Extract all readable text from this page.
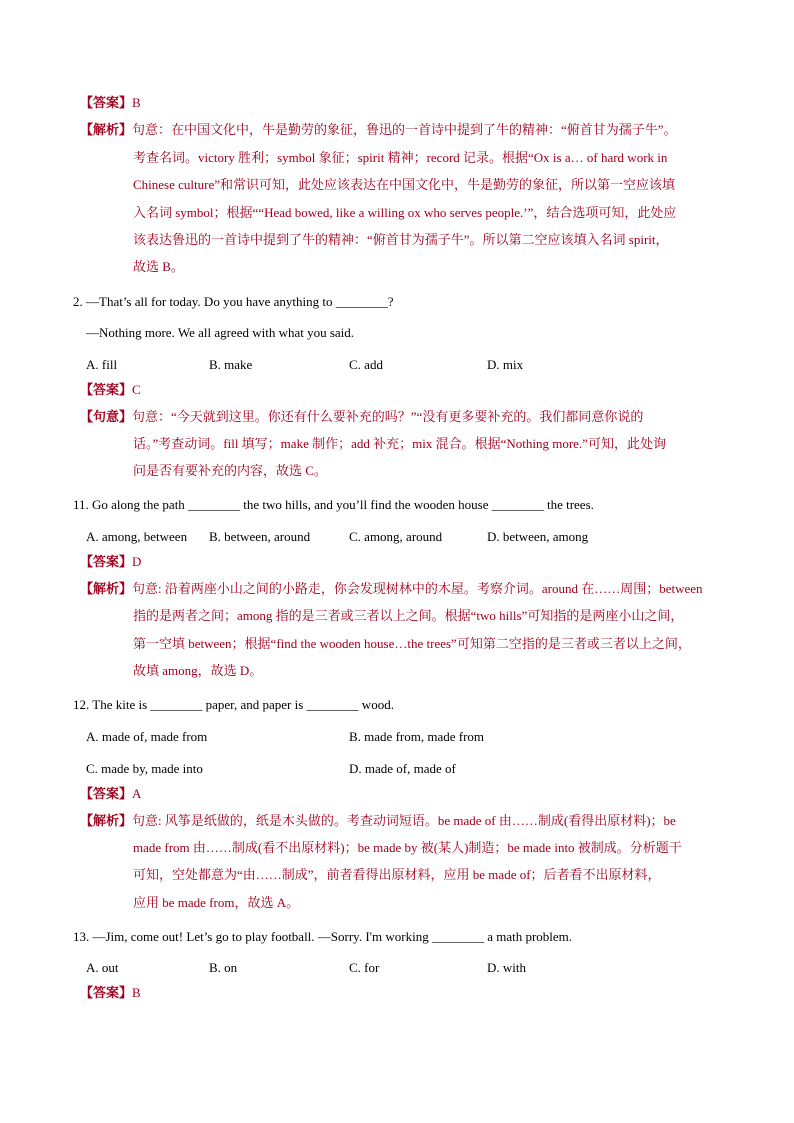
【答案】B
【解析】句意：在中国文化中，牛是勤劳的象征，鲁迅的一首诗中提到了牛的精神：“俯首甘为孺子牛”。
考查名词。victory 胜利；symbol 象征；spirit 精神；record 记录。根据“Ox is a… of hard work in
Chinese culture”和常识可知，此处应该表达在中国文化中，牛是勤劳的象征，所以第一空应该填
入名词 symbol；根据““Head bowed, like a willing ox who serves people.’”，结合选项可知，此处应
该表达鲁迅的一首诗中提到了牛的精神：“俯首甘为孺子牛”。所以第二空应该填入名词 spirit，
故选 B。
2. —That’s all for today. Do you have anything to ________?
—Nothing more. We all agreed with what you said.
A. fill	B. make	C. add	D. mix
【答案】C
【句意】句意：“今天就到这里。你还有什么要补充的吗？”“没有更多要补充的。我们都同意你说的
话。”考查动词。fill 填写；make 制作；add 补充；mix 混合。根据“Nothing more.”可知，此处询
问是否有要补充的内容，故选 C。
11. Go along the path ________ the two hills, and you’ll find the wooden house ________ the trees.
A. among, between B. between, around	C. among, around	D. between, among
【答案】D
【解析】句意: 沿着两座小山之间的小路走，你会发现树林中的木屋。考察介词。around 在……周围；between
指的是两者之间；among 指的是三者或三者以上之间。根据“two hills”可知指的是两座小山之间，
第一空填 between；根据“find the wooden house…the trees”可知第二空指的是三者或三者以上之间，
故填 among，故选 D。
12. The kite is ________ paper, and paper is ________ wood.
A. made of, made from	B. made from, made from
C. made by, made into	D. made of, made of
【答案】A
【解析】句意: 风筝是纸做的，纸是木头做的。考查动词短语。be made of 由……制成(看得出原材料)；be
made from 由……制成(看不出原材料)；be made by 被(某人)制造；be made into 被制成。分析题干
可知，空处都意为“由……制成”，前者看得出原材料，应用 be made of；后者看不出原材料，
应用 be made from，故选 A。
13. —Jim, come out! Let’s go to play football. —Sorry. I'm working ________ a math problem.
A. out	B. on	C. for	D. with
【答案】B
